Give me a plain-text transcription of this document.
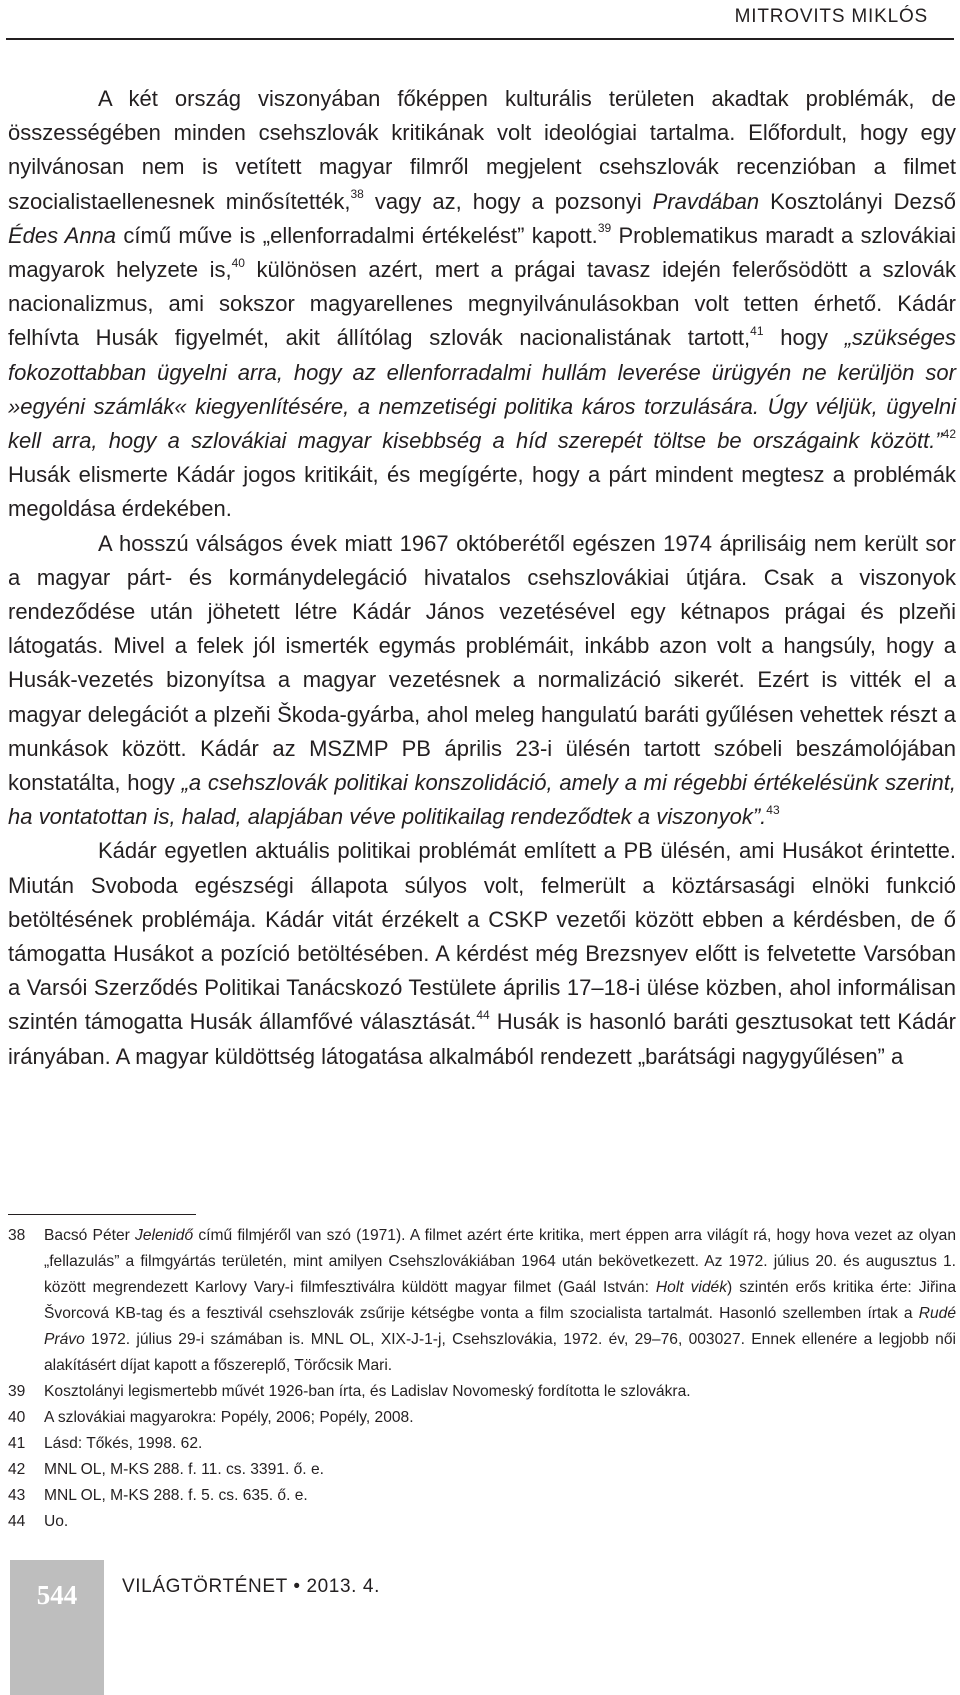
MITROVITS MIKLÓS

A két ország viszonyában főképpen kulturális területen akadtak problémák, de összességében minden csehszlovák kritikának volt ideológiai tartalma. Előfordult, hogy egy nyilvánosan nem is vetített magyar filmről megjelent csehszlovák recenzióban a filmet szocialistaellenesnek minősítették,$^{38}$ vagy az, hogy a pozsonyi Pravdában Kosztolányi Dezső Édes Anna című műve is „ellenforradalmi értékelést” kapott.$^{39}$ Problematikus maradt a szlovákiai magyarok helyzete is,$^{40}$ különösen azért, mert a prágai tavasz idején felerősödött a szlovák nacionalizmus, ami sokszor magyarellenes megnyilvánulásokban volt tetten érhető. Kádár felhívta Husák figyelmét, akit állítólag szlovák nacionalistának tartott,$^{41}$ hogy „szükséges fokozottabban ügyelni arra, hogy az ellenforradalmi hullám leverése ürügyén ne kerüljön sor »egyéni számlák« kiegyenlítésére, a nemzetiségi politika káros torzulására. Úgy véljük, ügyelni kell arra, hogy a szlovákiai magyar kisebbség a híd szerepét töltse be országaink között.”$^{42}$ Husák elismerte Kádár jogos kritikáit, és megígérte, hogy a párt mindent megtesz a problémák megoldása érdekében.

A hosszú válságos évek miatt 1967 októberétől egészen 1974 áprilisáig nem került sor a magyar párt- és kormánydelegáció hivatalos csehszlovákiai útjára. Csak a viszonyok rendeződése után jöhetett létre Kádár János vezetésével egy kétnapos prágai és plzeňi látogatás. Mivel a felek jól ismerték egymás problémáit, inkább azon volt a hangsúly, hogy a Husák-vezetés bizonyítsa a magyar vezetésnek a normalizáció sikerét. Ezért is vitték el a magyar delegációt a plzeňi Škoda-gyárba, ahol meleg hangulatú baráti gyűlésen vehettek részt a munkások között. Kádár az MSZMP PB április 23-i ülésén tartott szóbeli beszámolójában konstatálta, hogy „a csehszlovák politikai konszolidáció, amely a mi régebbi értékelésünk szerint, ha vontatottan is, halad, alapjában véve politikailag rendeződtek a viszonyok”.$^{43}$

Kádár egyetlen aktuális politikai problémát említett a PB ülésén, ami Husákot érintette. Miután Svoboda egészségi állapota súlyos volt, felmerült a köztársasági elnöki funkció betöltésének problémája. Kádár vitát érzékelt a CSKP vezetői között ebben a kérdésben, de ő támogatta Husákot a pozíció betöltésében. A kérdést még Brezsnyev előtt is felvetette Varsóban a Varsói Szerződés Politikai Tanácskozó Testülete április 17–18-i ülése közben, ahol informálisan szintén támogatta Husák államfővé választását.$^{44}$ Husák is hasonló baráti gesztusokat tett Kádár irányában. A magyar küldöttség látogatása alkalmából rendezett „barátsági nagygyűlésen” a

38	Bacsó Péter Jelenidő című filmjéről van szó (1971). A filmet azért érte kritika, mert éppen arra világít rá, hogy hova vezet az olyan „fellazulás” a filmgyártás területén, mint amilyen Csehszlovákiában 1964 után bekövetkezett. Az 1972. július 20. és augusztus 1. között megrendezett Karlovy Vary-i filmfesztiválra küldött magyar filmet (Gaál István: Holt vidék) szintén erős kritika érte: Jiřina Švorcová KB-tag és a fesztivál csehszlovák zsűrije kétségbe vonta a film szocialista tartalmát. Hasonló szellemben írtak a Rudé Právo 1972. július 29-i számában is. MNL OL, XIX-J-1-j, Csehszlovákia, 1972. év, 29–76, 003027. Ennek ellenére a legjobb női alakításért díjat kapott a főszereplő, Törőcsik Mari.
39	Kosztolányi legismertebb művét 1926-ban írta, és Ladislav Novomeský fordította le szlovákra.
40	A szlovákiai magyarokra: Popély, 2006; Popély, 2008.
41	Lásd: Tőkés, 1998. 62.
42	MNL OL, M-KS 288. f. 11. cs. 3391. ő. e.
43	MNL OL, M-KS 288. f. 5. cs. 635. ő. e.
44	Uo.
544	VILÁGTÖRTÉNET • 2013. 4.
